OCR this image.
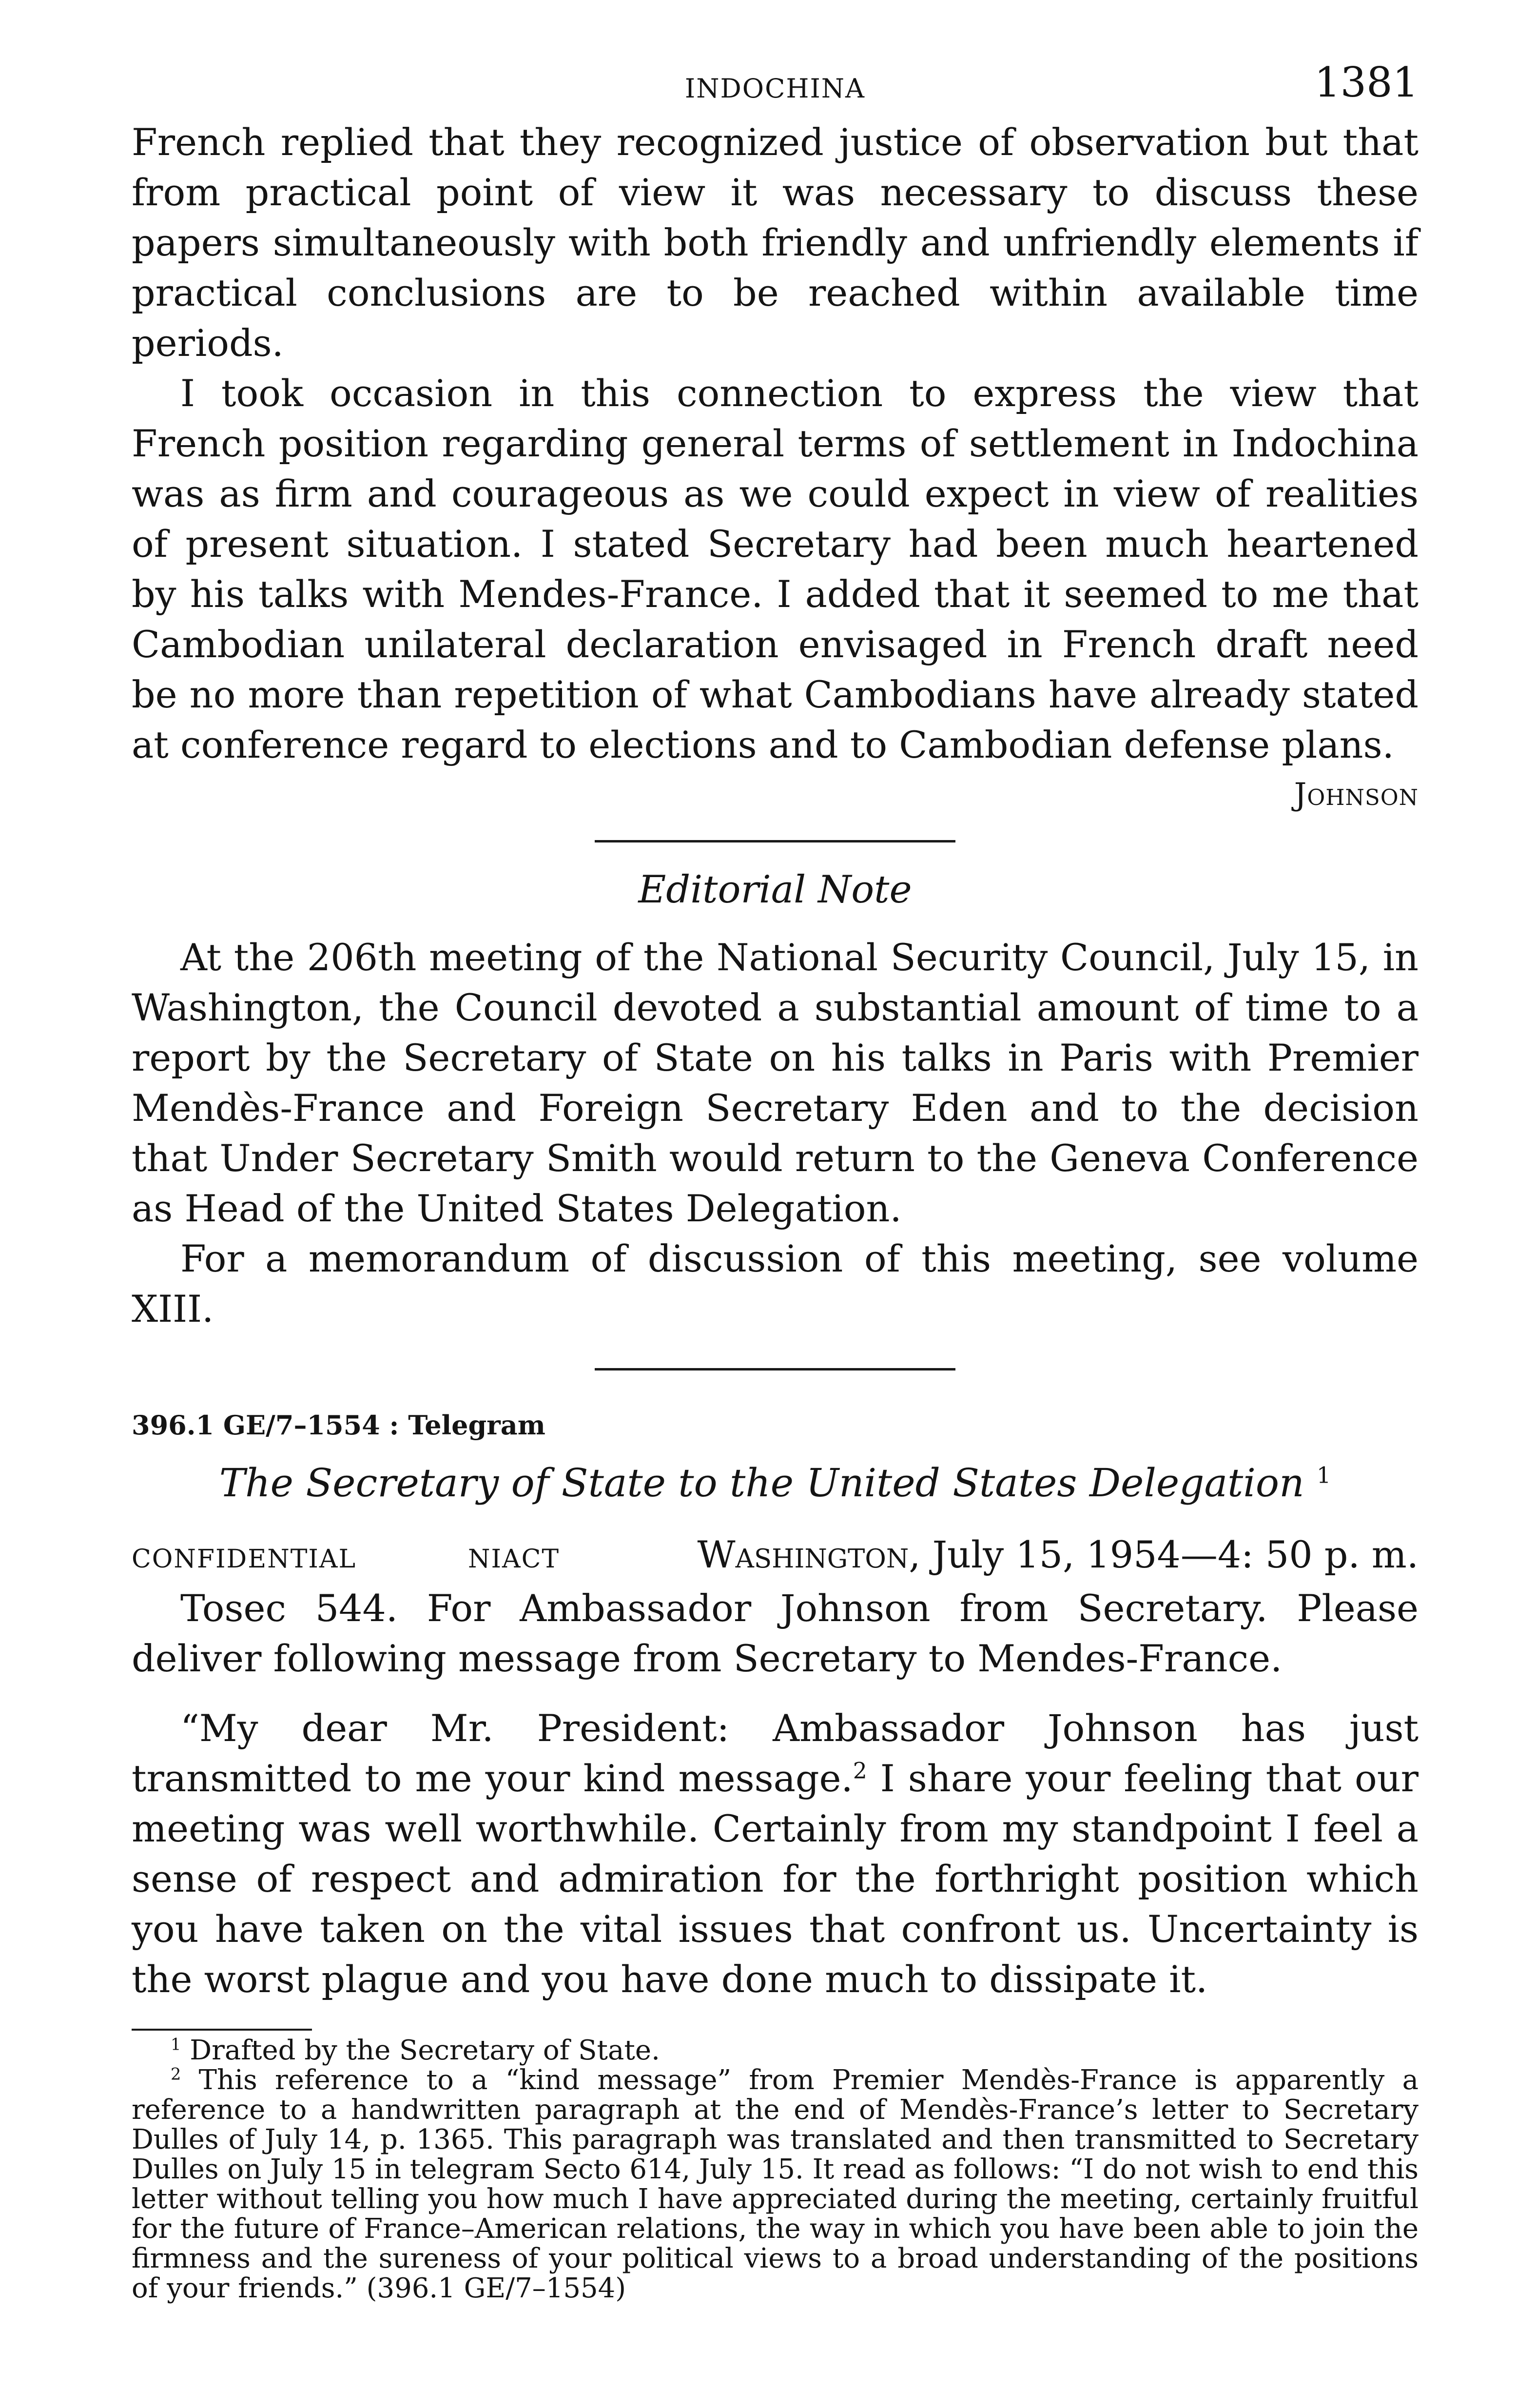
INDOCHINA	1381

French replied that they recognized justice of observation but that from practical point of view it was necessary to discuss these papers simultaneously with both friendly and unfriendly elements if practical conclusions are to be reached within available time periods.

I took occasion in this connection to express the view that French position regarding general terms of settlement in Indochina was as firm and courageous as we could expect in view of realities of present situation. I stated Secretary had been much heartened by his talks with Mendes-France. I added that it seemed to me that Cambodian unilateral declaration envisaged in French draft need be no more than repetition of what Cambodians have already stated at conference regard to elections and to Cambodian defense plans.

Johnson
Editorial Note

At the 206th meeting of the National Security Council, July 15, in Washington, the Council devoted a substantial amount of time to a report by the Secretary of State on his talks in Paris with Premier Mendès-France and Foreign Secretary Eden and to the decision that Under Secretary Smith would return to the Geneva Conference as Head of the United States Delegation.

For a memorandum of discussion of this meeting, see volume XIII.

396.1 GE/7–1554 : Telegram
The Secretary of State to the United States Delegation $^1$
CONFIDENTIAL	NIACT	Washington, July 15, 1954—4: 50 p. m.

Tosec 544. For Ambassador Johnson from Secretary. Please deliver following message from Secretary to Mendes-France.

“My dear Mr. President: Ambassador Johnson has just transmitted to me your kind message.$^2$ I share your feeling that our meeting was well worthwhile. Certainly from my standpoint I feel a sense of respect and admiration for the forthright position which you have taken on the vital issues that confront us. Uncertainty is the worst plague and you have done much to dissipate it.

$^1$ Drafted by the Secretary of State.
$^2$ This reference to a “kind message” from Premier Mendès-France is apparently a reference to a handwritten paragraph at the end of Mendès-France’s letter to Secretary Dulles of July 14, p. 1365. This paragraph was translated and then transmitted to Secretary Dulles on July 15 in telegram Secto 614, July 15. It read as follows: “I do not wish to end this letter without telling you how much I have appreciated during the meeting, certainly fruitful for the future of France–American relations, the way in which you have been able to join the firmness and the sureness of your political views to a broad understanding of the positions of your friends.” (396.1 GE/7–1554)
